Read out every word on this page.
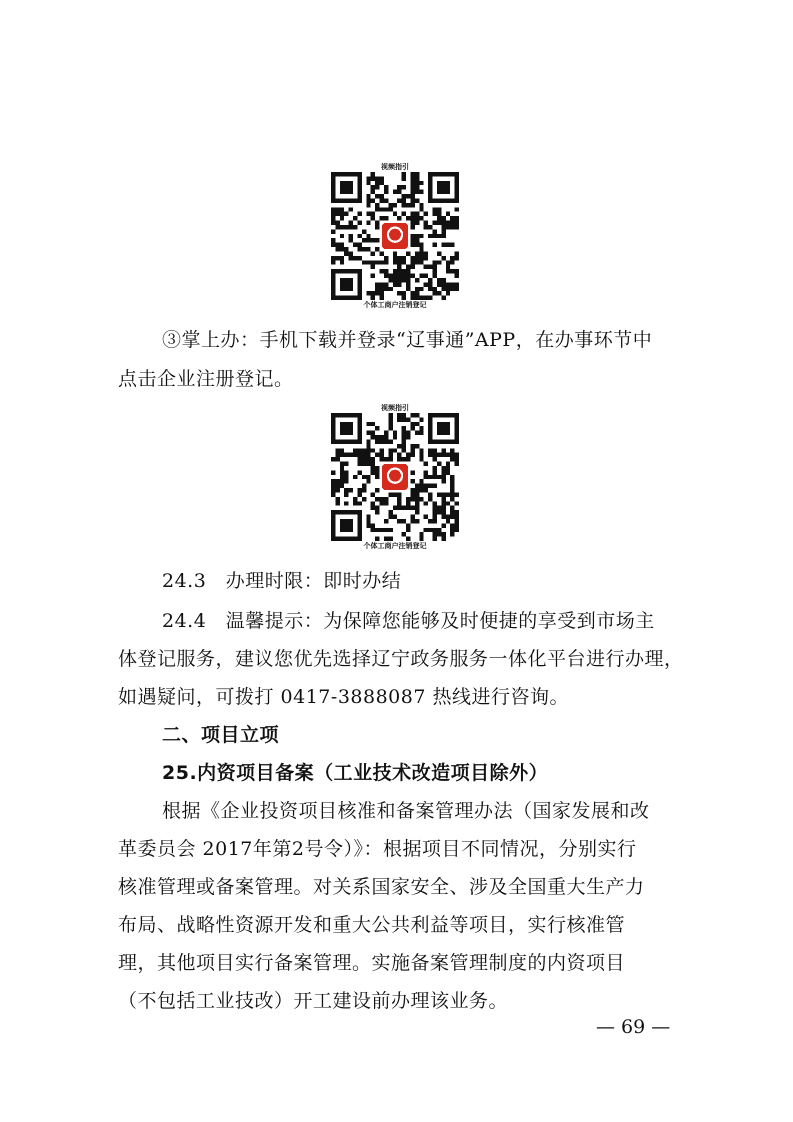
视频指引
个体工商户注销登记
③掌上办：手机下载并登录“辽事通”APP，在办事环节中
点击企业注册登记。
视频指引
个体工商户注销登记
24.3　办理时限：即时办结
24.4　温馨提示：为保障您能够及时便捷的享受到市场主
体登记服务，建议您优先选择辽宁政务服务一体化平台进行办理，
如遇疑问，可拨打 0417-3888087 热线进行咨询。
二、项目立项
25.内资项目备案（工业技术改造项目除外）
根据《企业投资项目核准和备案管理办法（国家发展和改
革委员会 2017年第2号令）》：根据项目不同情况，分别实行
核准管理或备案管理。对关系国家安全、涉及全国重大生产力
布局、战略性资源开发和重大公共利益等项目，实行核准管
理，其他项目实行备案管理。实施备案管理制度的内资项目
（不包括工业技改）开工建设前办理该业务。
— 69 —
